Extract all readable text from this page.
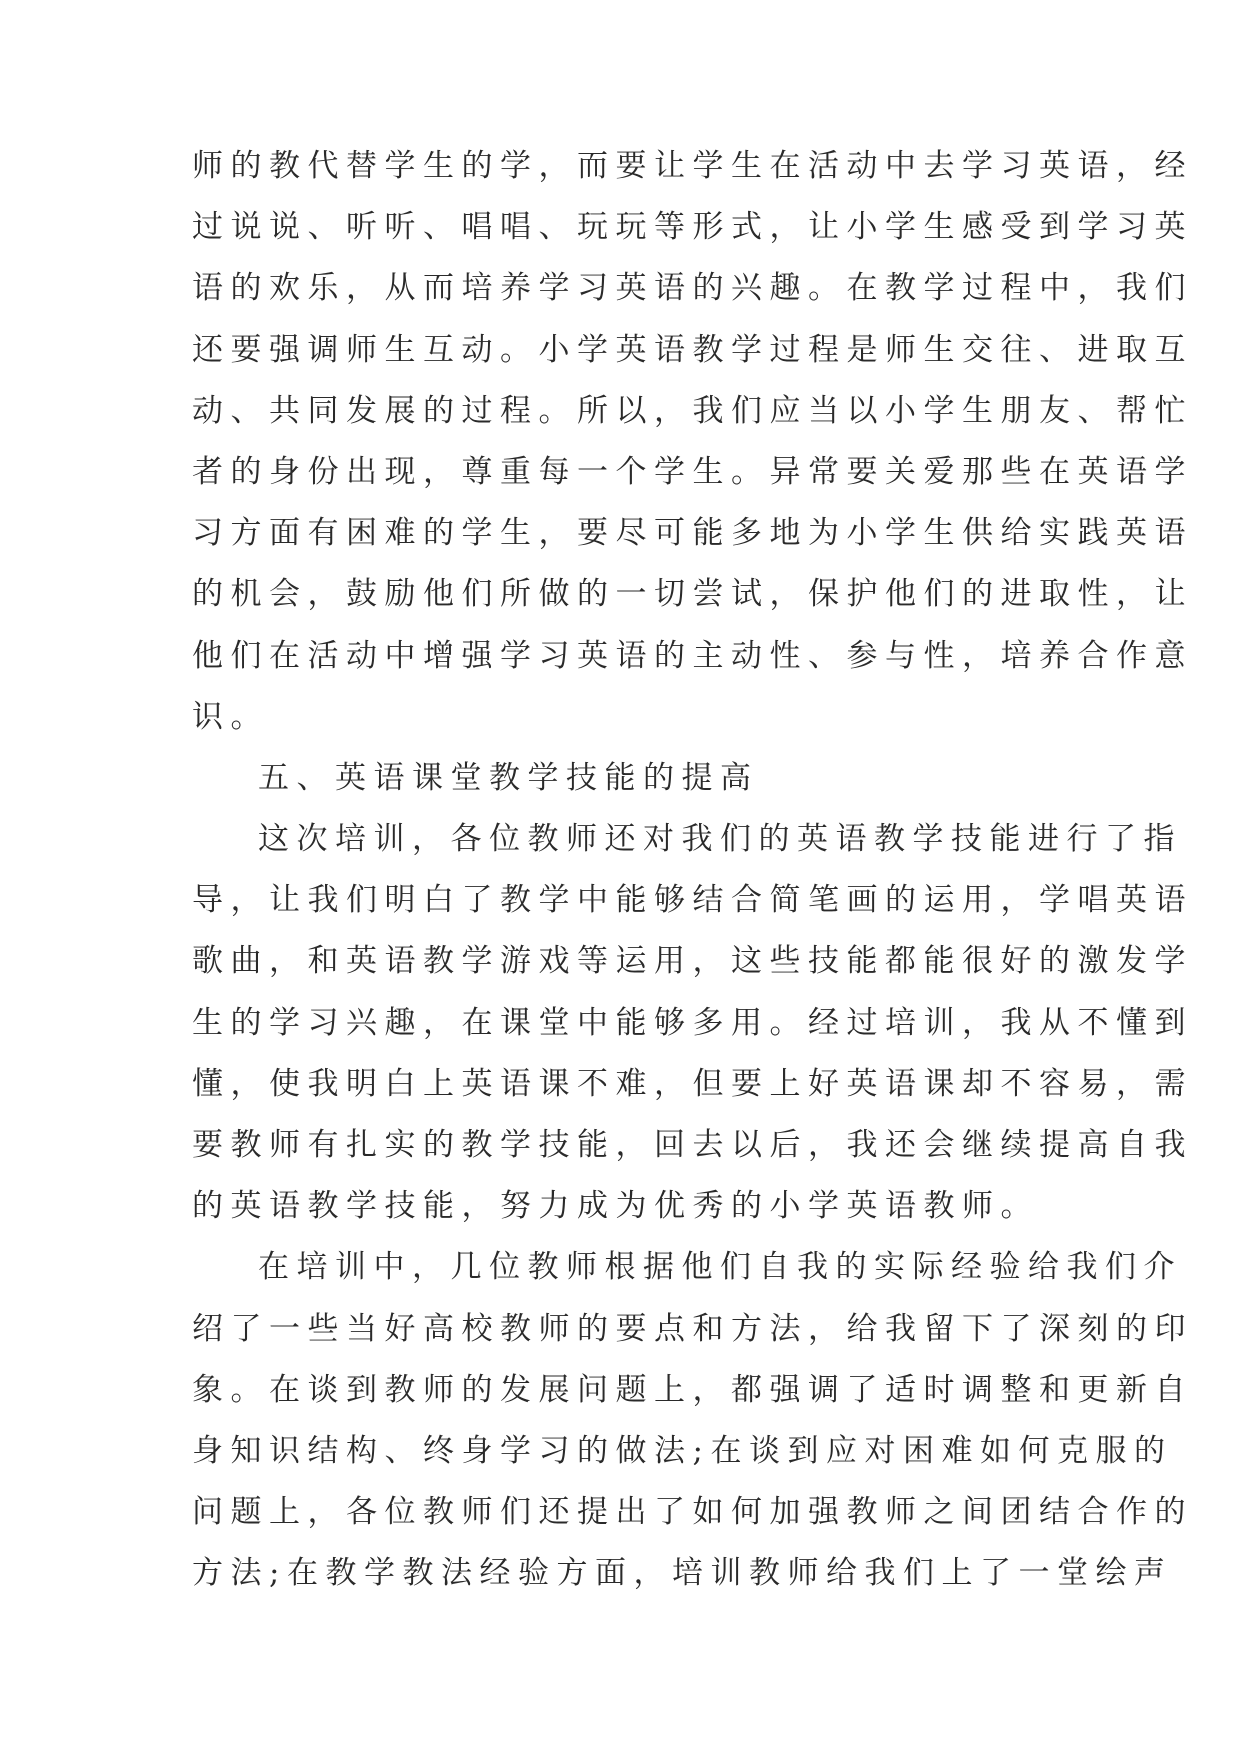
师的教代替学生的学，而要让学生在活动中去学习英语，经
过说说、听听、唱唱、玩玩等形式，让小学生感受到学习英
语的欢乐，从而培养学习英语的兴趣。在教学过程中，我们
还要强调师生互动。小学英语教学过程是师生交往、进取互
动、共同发展的过程。所以，我们应当以小学生朋友、帮忙
者的身份出现，尊重每一个学生。异常要关爱那些在英语学
习方面有困难的学生，要尽可能多地为小学生供给实践英语
的机会，鼓励他们所做的一切尝试，保护他们的进取性，让
他们在活动中增强学习英语的主动性、参与性，培养合作意
识。
五、英语课堂教学技能的提高
这次培训，各位教师还对我们的英语教学技能进行了指
导，让我们明白了教学中能够结合简笔画的运用，学唱英语
歌曲，和英语教学游戏等运用，这些技能都能很好的激发学
生的学习兴趣，在课堂中能够多用。经过培训，我从不懂到
懂，使我明白上英语课不难，但要上好英语课却不容易，需
要教师有扎实的教学技能，回去以后，我还会继续提高自我
的英语教学技能，努力成为优秀的小学英语教师。
在培训中，几位教师根据他们自我的实际经验给我们介
绍了一些当好高校教师的要点和方法，给我留下了深刻的印
象。在谈到教师的发展问题上，都强调了适时调整和更新自
身知识结构、终身学习的做法;在谈到应对困难如何克服的
问题上，各位教师们还提出了如何加强教师之间团结合作的
方法;在教学教法经验方面，培训教师给我们上了一堂绘声
